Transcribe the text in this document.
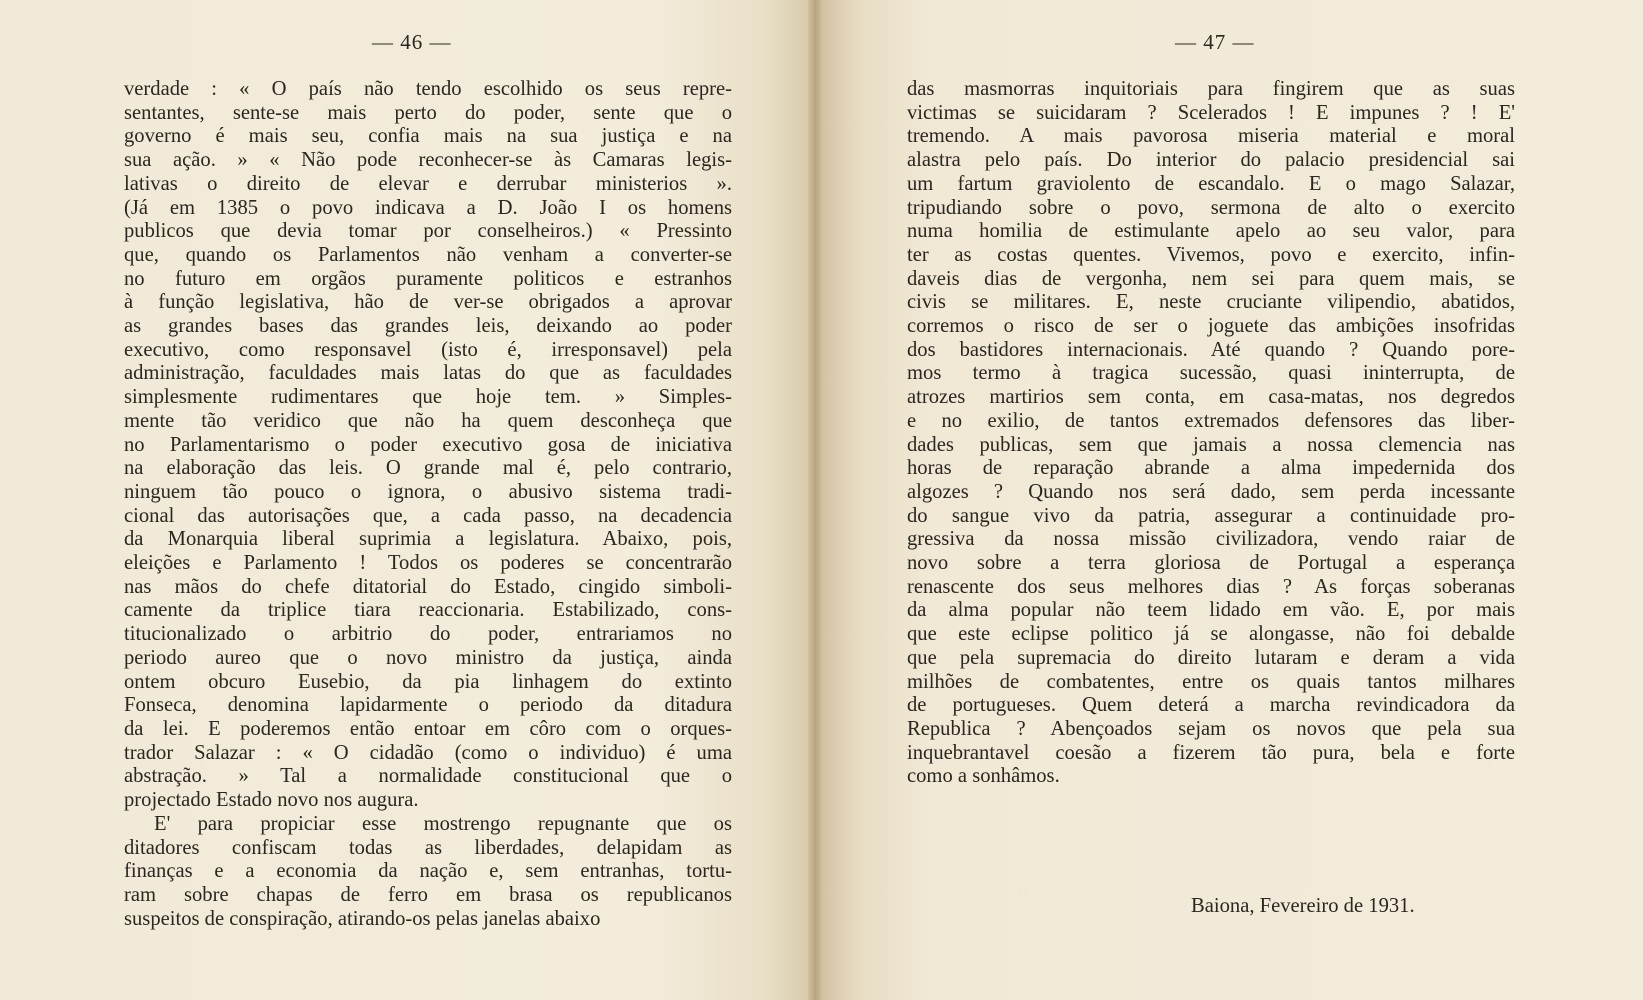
— 46 —
verdade : « O país não tendo escolhido os seus repre-
sentantes, sente-se mais perto do poder, sente que o
governo é mais seu, confia mais na sua justiça e na
sua ação. » « Não pode reconhecer-se às Camaras legis-
lativas o direito de elevar e derrubar ministerios ».
(Já em 1385 o povo indicava a D. João I os homens
publicos que devia tomar por conselheiros.) « Pressinto
que, quando os Parlamentos não venham a converter-se
no futuro em orgãos puramente politicos e estranhos
à função legislativa, hão de ver-se obrigados a aprovar
as grandes bases das grandes leis, deixando ao poder
executivo, como responsavel (isto é, irresponsavel) pela
administração, faculdades mais latas do que as faculdades
simplesmente rudimentares que hoje tem. » Simples-
mente tão veridico que não ha quem desconheça que
no Parlamentarismo o poder executivo gosa de iniciativa
na elaboração das leis. O grande mal é, pelo contrario,
ninguem tão pouco o ignora, o abusivo sistema tradi-
cional das autorisações que, a cada passo, na decadencia
da Monarquia liberal suprimia a legislatura. Abaixo, pois,
eleições e Parlamento ! Todos os poderes se concentrarão
nas mãos do chefe ditatorial do Estado, cingido simboli-
camente da triplice tiara reaccionaria. Estabilizado, cons-
titucionalizado o arbitrio do poder, entrariamos no
periodo aureo que o novo ministro da justiça, ainda
ontem obcuro Eusebio, da pia linhagem do extinto
Fonseca, denomina lapidarmente o periodo da ditadura
da lei. E poderemos então entoar em côro com o orques-
trador Salazar : « O cidadão (como o individuo) é uma
abstração. » Tal a normalidade constitucional que o
projectado Estado novo nos augura.
E' para propiciar esse mostrengo repugnante que os
ditadores confiscam todas as liberdades, delapidam as
finanças e a economia da nação e, sem entranhas, tortu-
ram sobre chapas de ferro em brasa os republicanos
suspeitos de conspiração, atirando-os pelas janelas abaixo
— 47 —
das masmorras inquitoriais para fingirem que as suas
victimas se suicidaram ? Scelerados ! E impunes ? ! E'
tremendo. A mais pavorosa miseria material e moral
alastra pelo país. Do interior do palacio presidencial sai
um fartum graviolento de escandalo. E o mago Salazar,
tripudiando sobre o povo, sermona de alto o exercito
numa homilia de estimulante apelo ao seu valor, para
ter as costas quentes. Vivemos, povo e exercito, infin-
daveis dias de vergonha, nem sei para quem mais, se
civis se militares. E, neste cruciante vilipendio, abatidos,
corremos o risco de ser o joguete das ambições insofridas
dos bastidores internacionais. Até quando ? Quando pore-
mos termo à tragica sucessão, quasi ininterrupta, de
atrozes martirios sem conta, em casa-matas, nos degredos
e no exilio, de tantos extremados defensores das liber-
dades publicas, sem que jamais a nossa clemencia nas
horas de reparação abrande a alma impedernida dos
algozes ? Quando nos será dado, sem perda incessante
do sangue vivo da patria, assegurar a continuidade pro-
gressiva da nossa missão civilizadora, vendo raiar de
novo sobre a terra gloriosa de Portugal a esperança
renascente dos seus melhores dias ? As forças soberanas
da alma popular não teem lidado em vão. E, por mais
que este eclipse politico já se alongasse, não foi debalde
que pela supremacia do direito lutaram e deram a vida
milhões de combatentes, entre os quais tantos milhares
de portugueses. Quem deterá a marcha revindicadora da
Republica ? Abençoados sejam os novos que pela sua
inquebrantavel coesão a fizerem tão pura, bela e forte
como a sonhâmos.
Baiona, Fevereiro de 1931.
